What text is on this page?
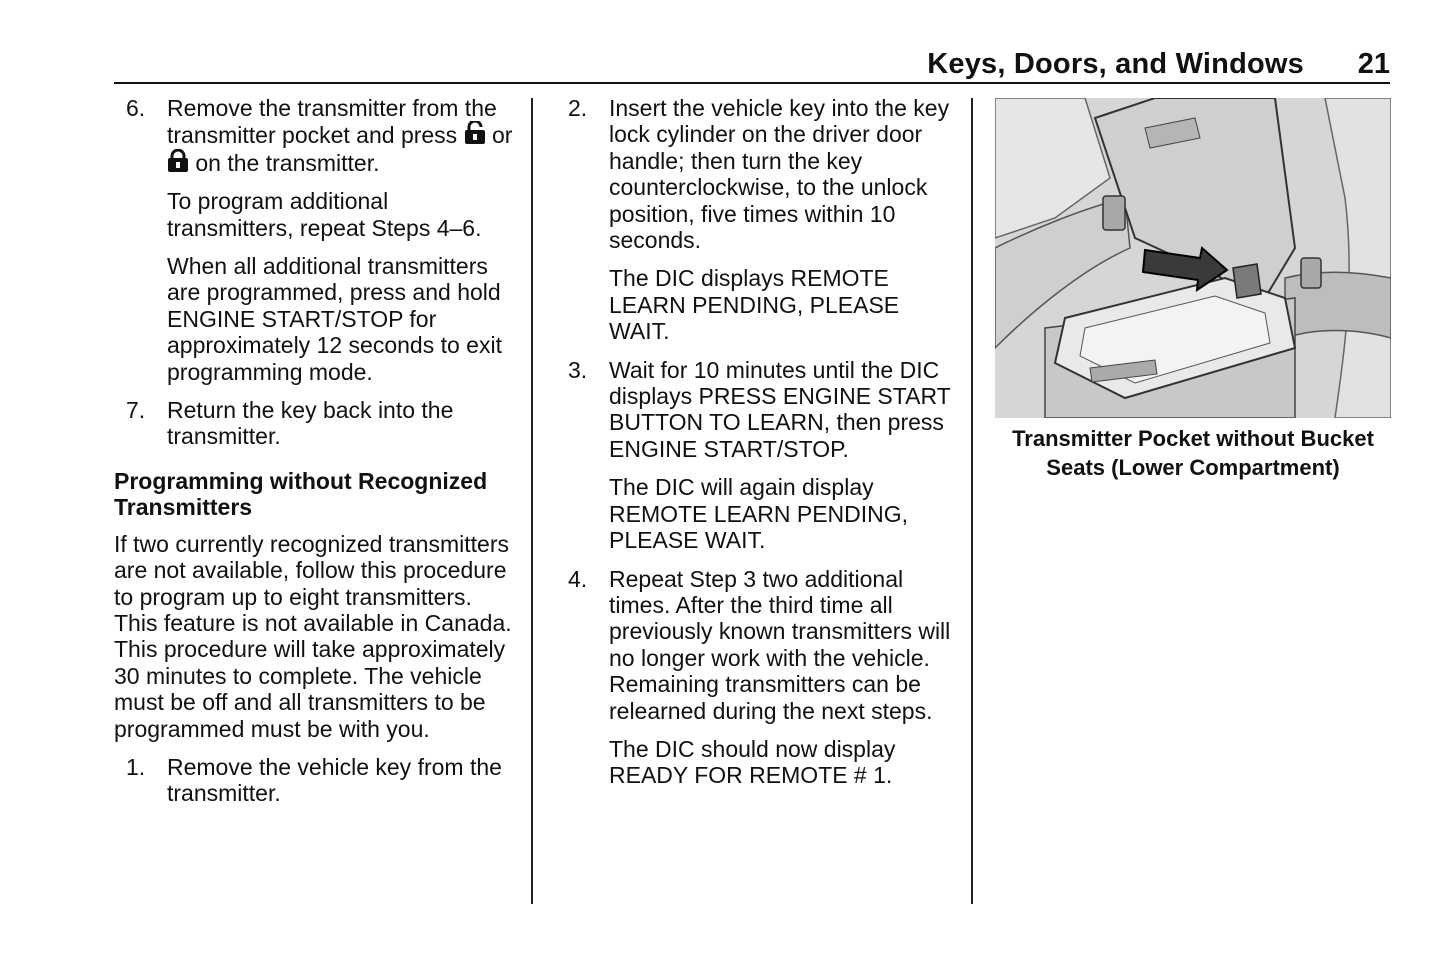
Keys, Doors, and Windows 21
6. Remove the transmitter from the transmitter pocket and press or  on the transmitter.
To program additional transmitters, repeat Steps 4–6.
When all additional transmitters are programmed, press and hold ENGINE START/STOP for approximately 12 seconds to exit programming mode.
7. Return the key back into the transmitter.
Programming without Recognized Transmitters
If two currently recognized transmitters are not available, follow this procedure to program up to eight transmitters. This feature is not available in Canada. This procedure will take approximately 30 minutes to complete. The vehicle must be off and all transmitters to be programmed must be with you.
1. Remove the vehicle key from the transmitter.
2. Insert the vehicle key into the key lock cylinder on the driver door handle; then turn the key counterclockwise, to the unlock position, five times within 10 seconds.
The DIC displays REMOTE LEARN PENDING, PLEASE WAIT.
3. Wait for 10 minutes until the DIC displays PRESS ENGINE START BUTTON TO LEARN, then press ENGINE START/STOP.
The DIC will again display REMOTE LEARN PENDING, PLEASE WAIT.
4. Repeat Step 3 two additional times. After the third time all previously known transmitters will no longer work with the vehicle. Remaining transmitters can be relearned during the next steps.
The DIC should now display READY FOR REMOTE # 1.
Transmitter Pocket without Bucket Seats (Lower Compartment)
